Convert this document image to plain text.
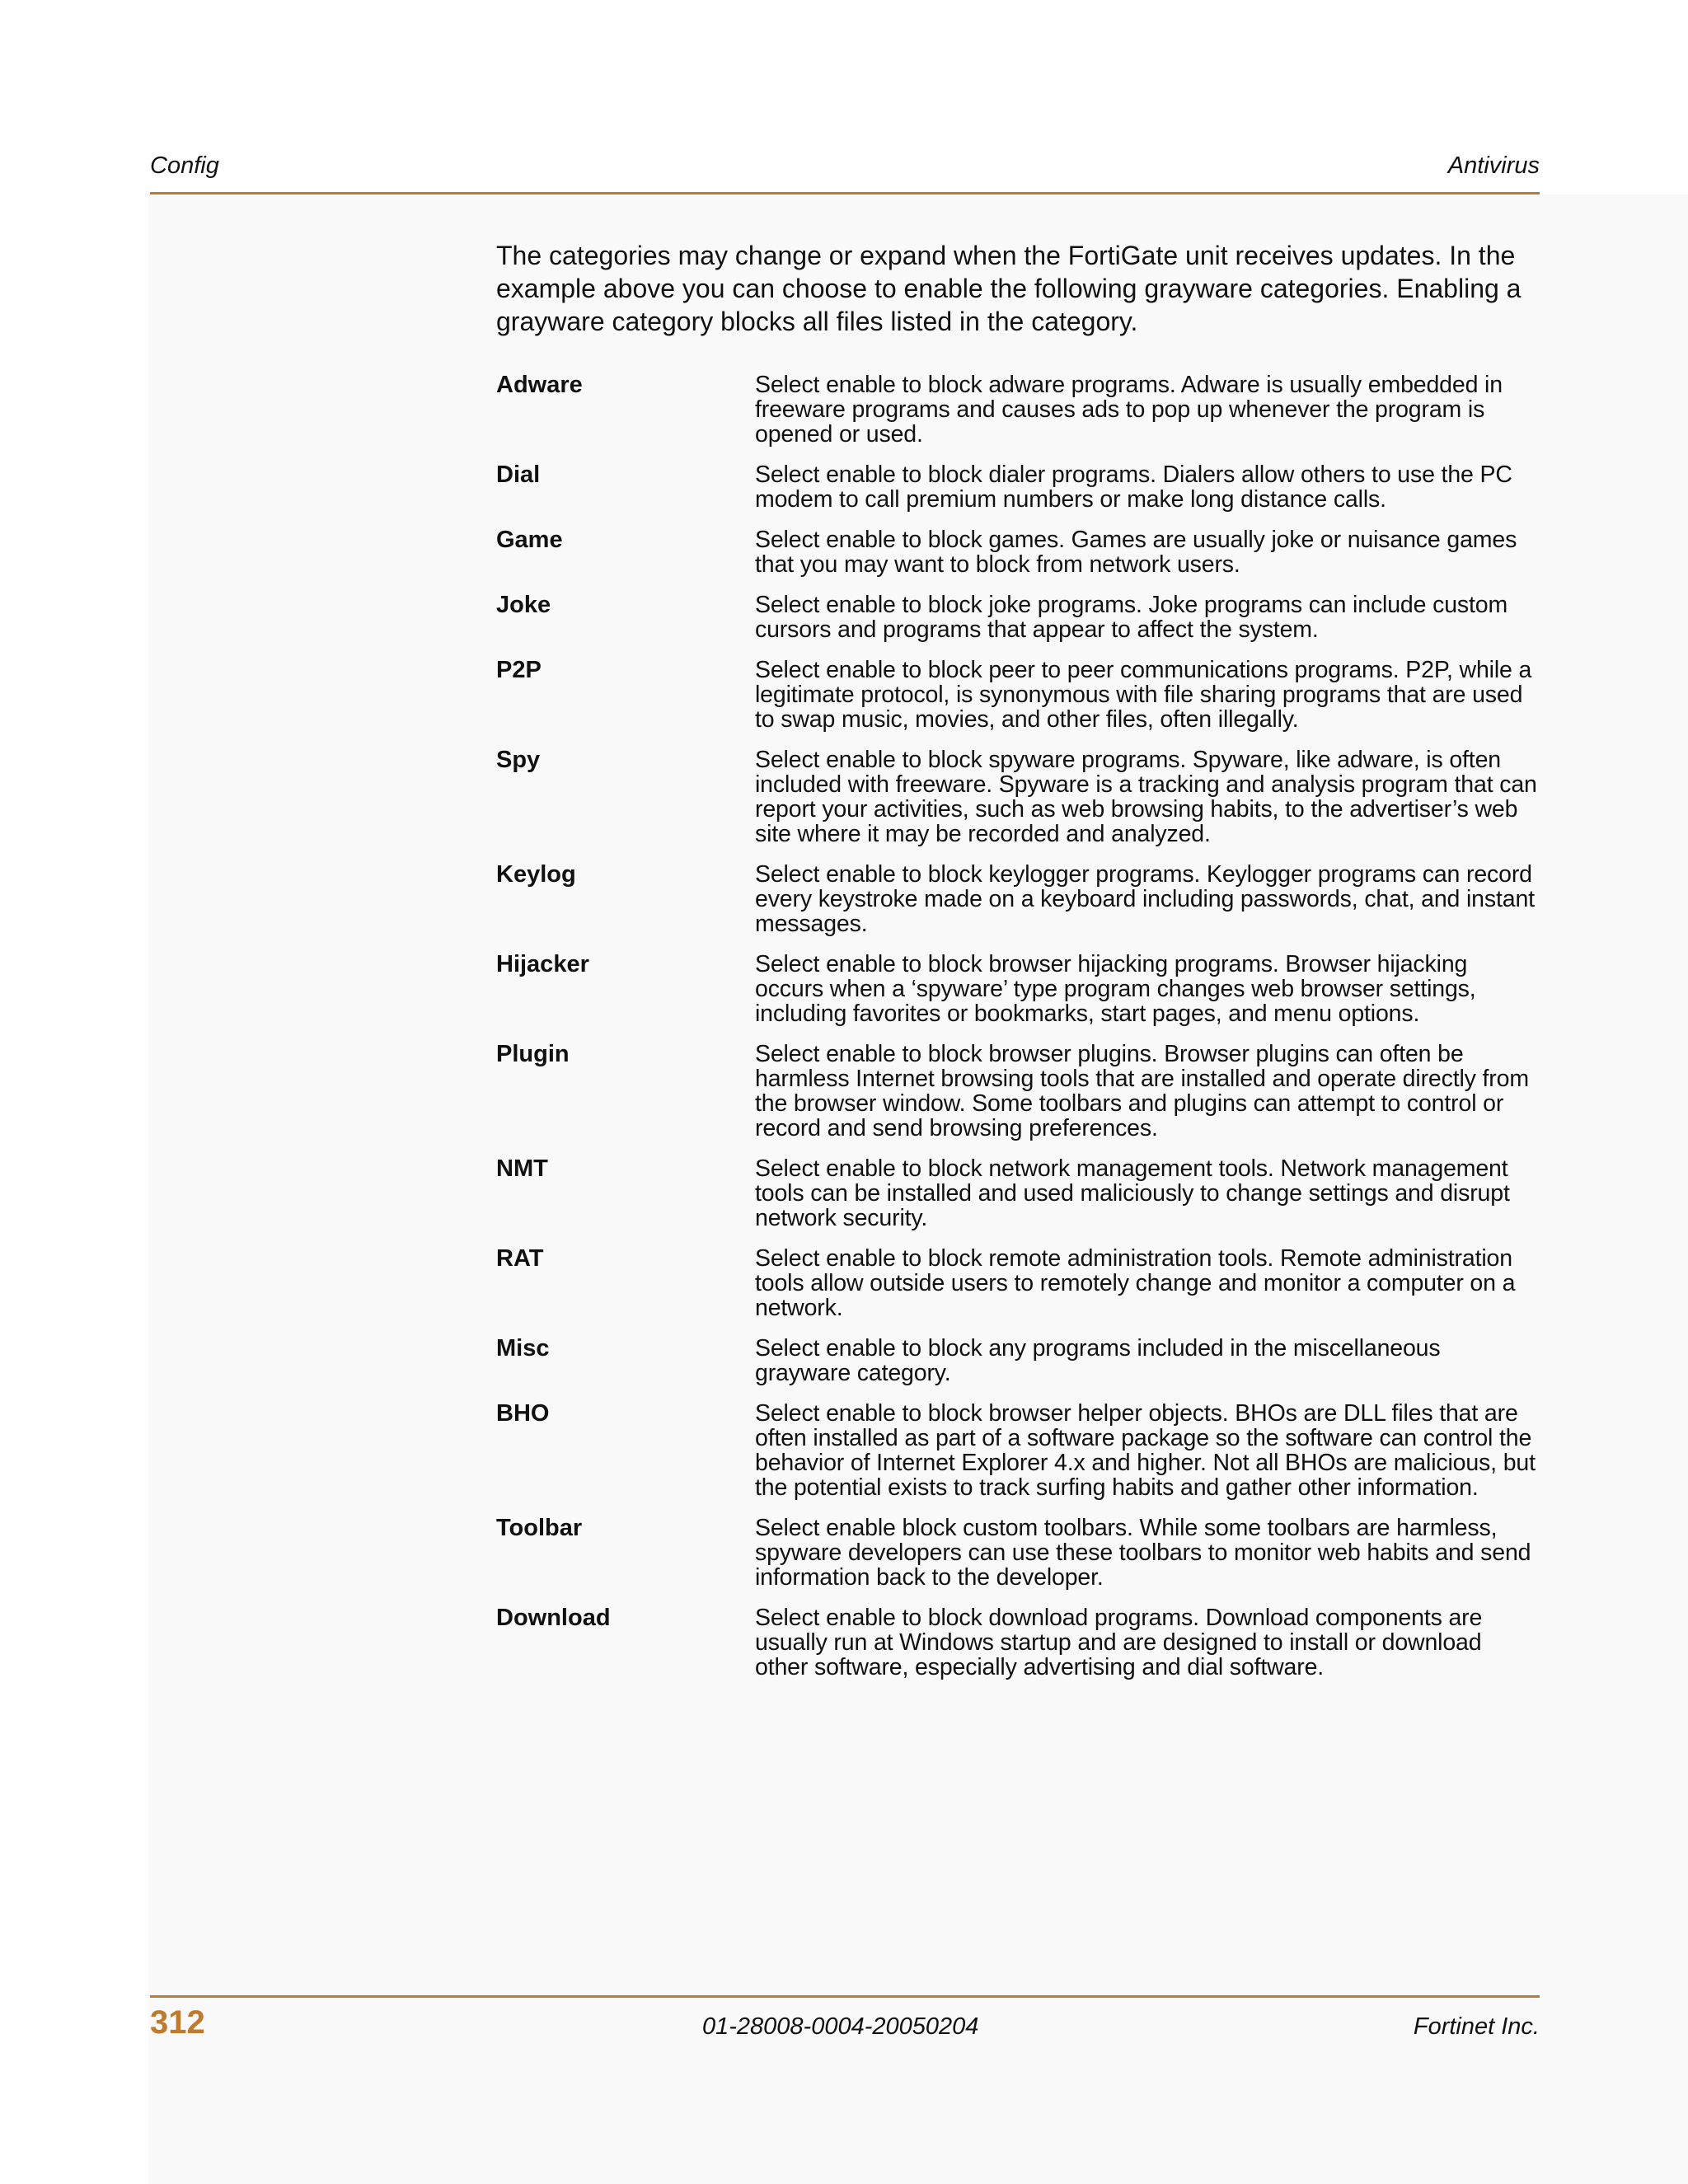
Config	Antivirus

The categories may change or expand when the FortiGate unit receives updates. In the example above you can choose to enable the following grayware categories. Enabling a grayware category blocks all files listed in the category.

Adware	Select enable to block adware programs. Adware is usually embedded in freeware programs and causes ads to pop up whenever the program is opened or used.
Dial	Select enable to block dialer programs. Dialers allow others to use the PC modem to call premium numbers or make long distance calls.
Game	Select enable to block games. Games are usually joke or nuisance games that you may want to block from network users.
Joke	Select enable to block joke programs. Joke programs can include custom cursors and programs that appear to affect the system.
P2P	Select enable to block peer to peer communications programs. P2P, while a legitimate protocol, is synonymous with file sharing programs that are used to swap music, movies, and other files, often illegally.
Spy	Select enable to block spyware programs. Spyware, like adware, is often included with freeware. Spyware is a tracking and analysis program that can report your activities, such as web browsing habits, to the advertiser’s web site where it may be recorded and analyzed.
Keylog	Select enable to block keylogger programs. Keylogger programs can record every keystroke made on a keyboard including passwords, chat, and instant messages.
Hijacker	Select enable to block browser hijacking programs. Browser hijacking occurs when a ‘spyware’ type program changes web browser settings, including favorites or bookmarks, start pages, and menu options.
Plugin	Select enable to block browser plugins. Browser plugins can often be harmless Internet browsing tools that are installed and operate directly from the browser window. Some toolbars and plugins can attempt to control or record and send browsing preferences.
NMT	Select enable to block network management tools. Network management tools can be installed and used maliciously to change settings and disrupt network security.
RAT	Select enable to block remote administration tools. Remote administration tools allow outside users to remotely change and monitor a computer on a network.
Misc	Select enable to block any programs included in the miscellaneous grayware category.
BHO	Select enable to block browser helper objects. BHOs are DLL files that are often installed as part of a software package so the software can control the behavior of Internet Explorer 4.x and higher. Not all BHOs are malicious, but the potential exists to track surfing habits and gather other information.
Toolbar	Select enable block custom toolbars. While some toolbars are harmless, spyware developers can use these toolbars to monitor web habits and send information back to the developer.
Download	Select enable to block download programs. Download components are usually run at Windows startup and are designed to install or download other software, especially advertising and dial software.
312	01-28008-0004-20050204	Fortinet Inc.
